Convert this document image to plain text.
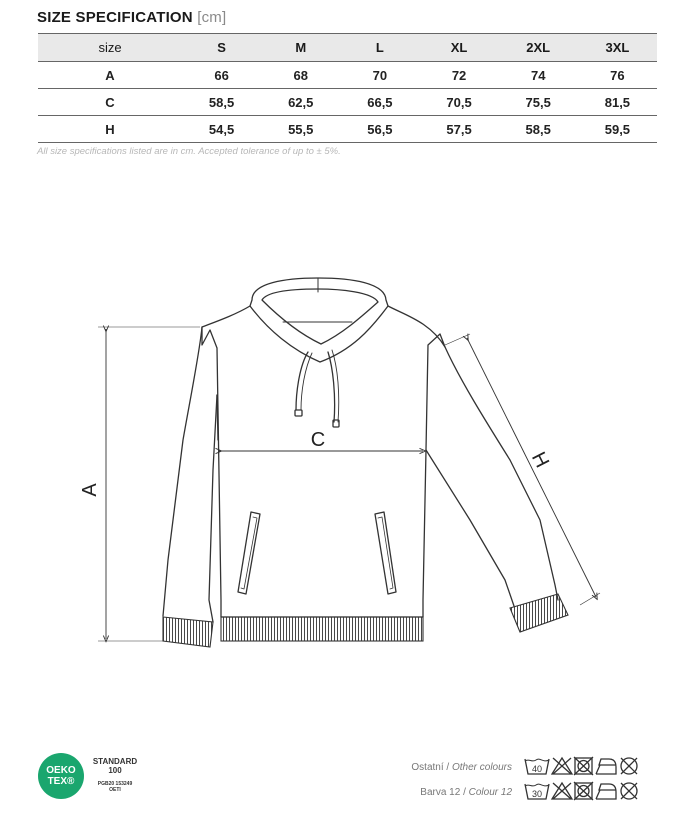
SIZE SPECIFICATION [cm]
size	S	M	L	XL	2XL	3XL
A	66	68	70	72	74	76
C	58,5	62,5	66,5	70,5	75,5	81,5
H	54,5	55,5	56,5	57,5	58,5	59,5
All size specifications listed are in cm. Accepted tolerance of up to ± 5%.
A
C
H
OEKO
TEX®
STANDARD
100
PGB20 153249
OETI
Ostatní / Other colours
Barva 12 / Colour 12
40
30
